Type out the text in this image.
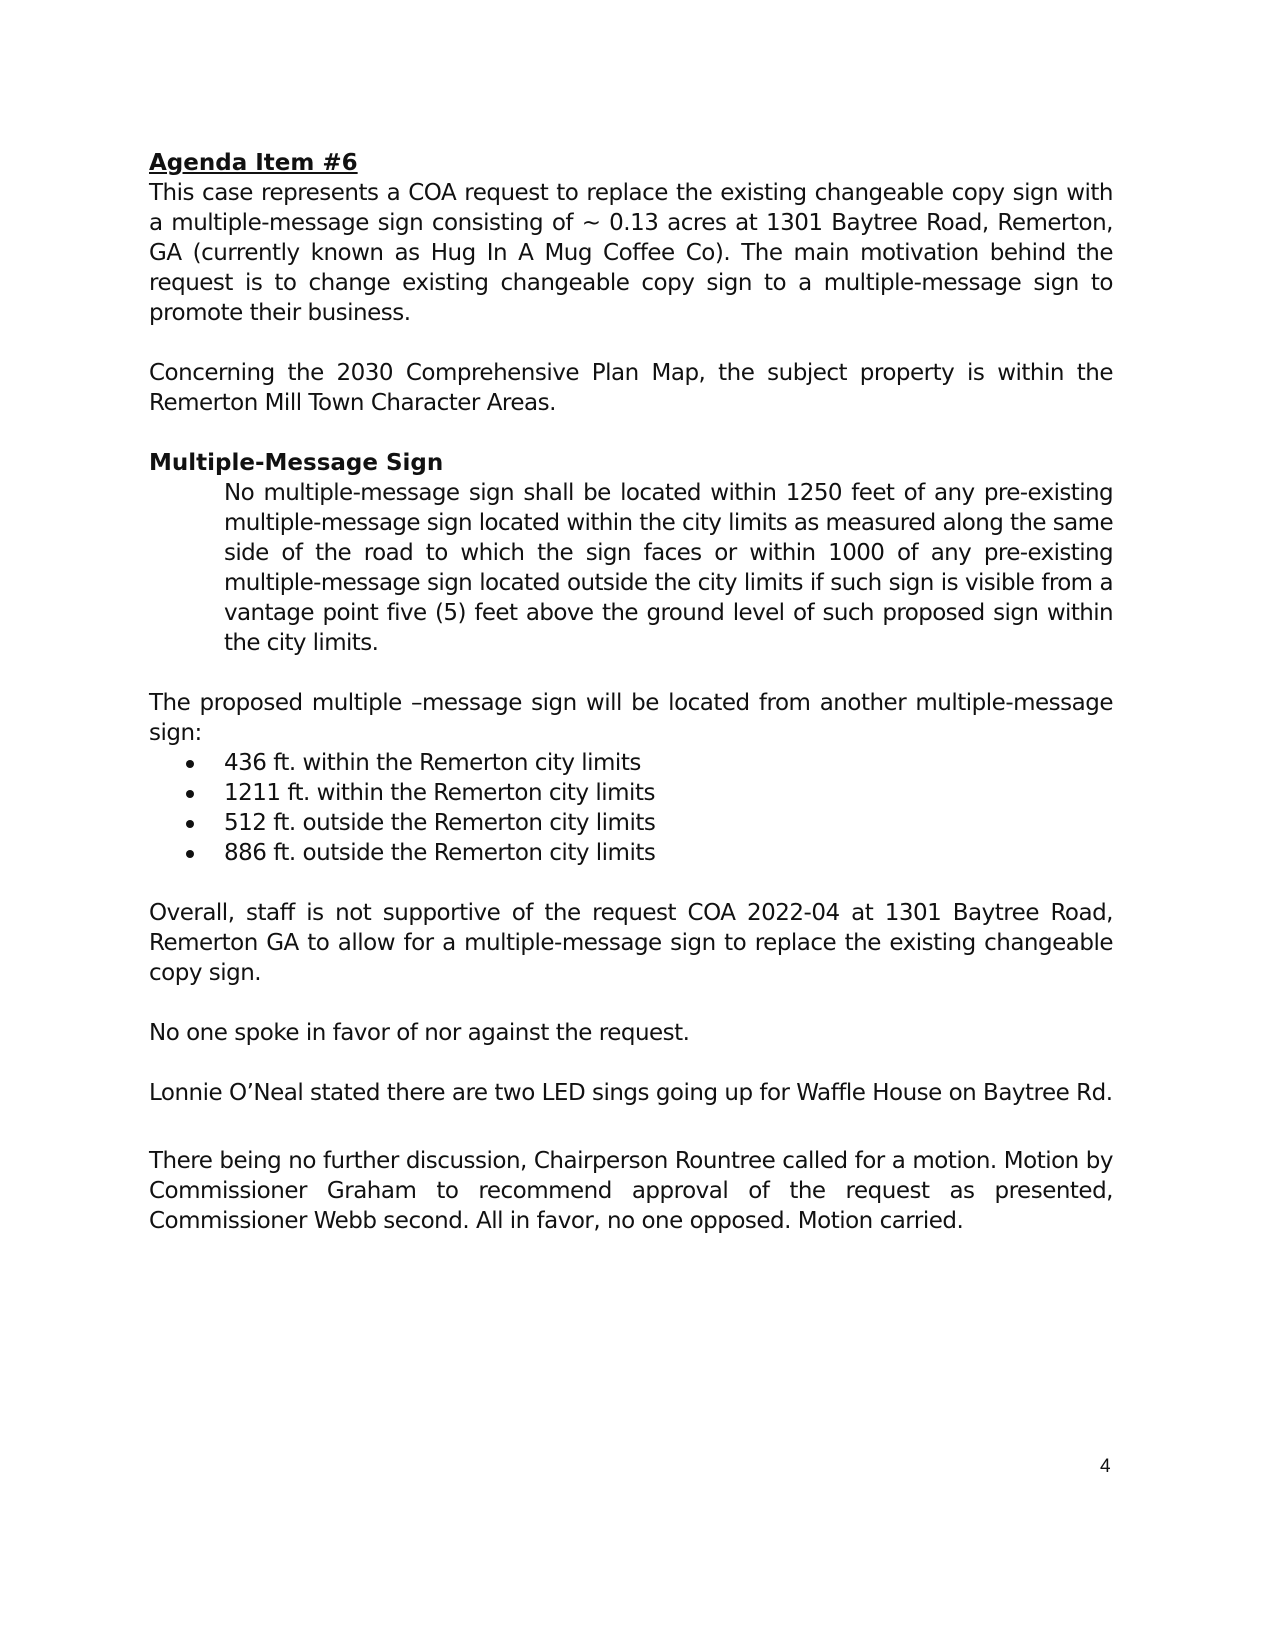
Agenda Item #6

This case represents a COA request to replace the existing changeable copy sign with a multiple-message sign consisting of ~ 0.13 acres at 1301 Baytree Road, Remerton, GA (currently known as Hug In A Mug Coffee Co). The main motivation behind the request is to change existing changeable copy sign to a multiple-message sign to promote their business.

Concerning the 2030 Comprehensive Plan Map, the subject property is within the Remerton Mill Town Character Areas.

Multiple-Message Sign

No multiple-message sign shall be located within 1250 feet of any pre-existing multiple-message sign located within the city limits as measured along the same side of the road to which the sign faces or within 1000 of any pre-existing multiple-message sign located outside the city limits if such sign is visible from a vantage point five (5) feet above the ground level of such proposed sign within the city limits.

The proposed multiple –message sign will be located from another multiple-message sign:

436 ft. within the Remerton city limits
1211 ft. within the Remerton city limits
512 ft. outside the Remerton city limits
886 ft. outside the Remerton city limits

Overall, staff is not supportive of the request COA 2022-04 at 1301 Baytree Road, Remerton GA to allow for a multiple-message sign to replace the existing changeable copy sign.

No one spoke in favor of nor against the request.

Lonnie O’Neal stated there are two LED sings going up for Waffle House on Baytree Rd.

There being no further discussion, Chairperson Rountree called for a motion. Motion by Commissioner Graham to recommend approval of the request as presented, Commissioner Webb second. All in favor, no one opposed. Motion carried.

4
